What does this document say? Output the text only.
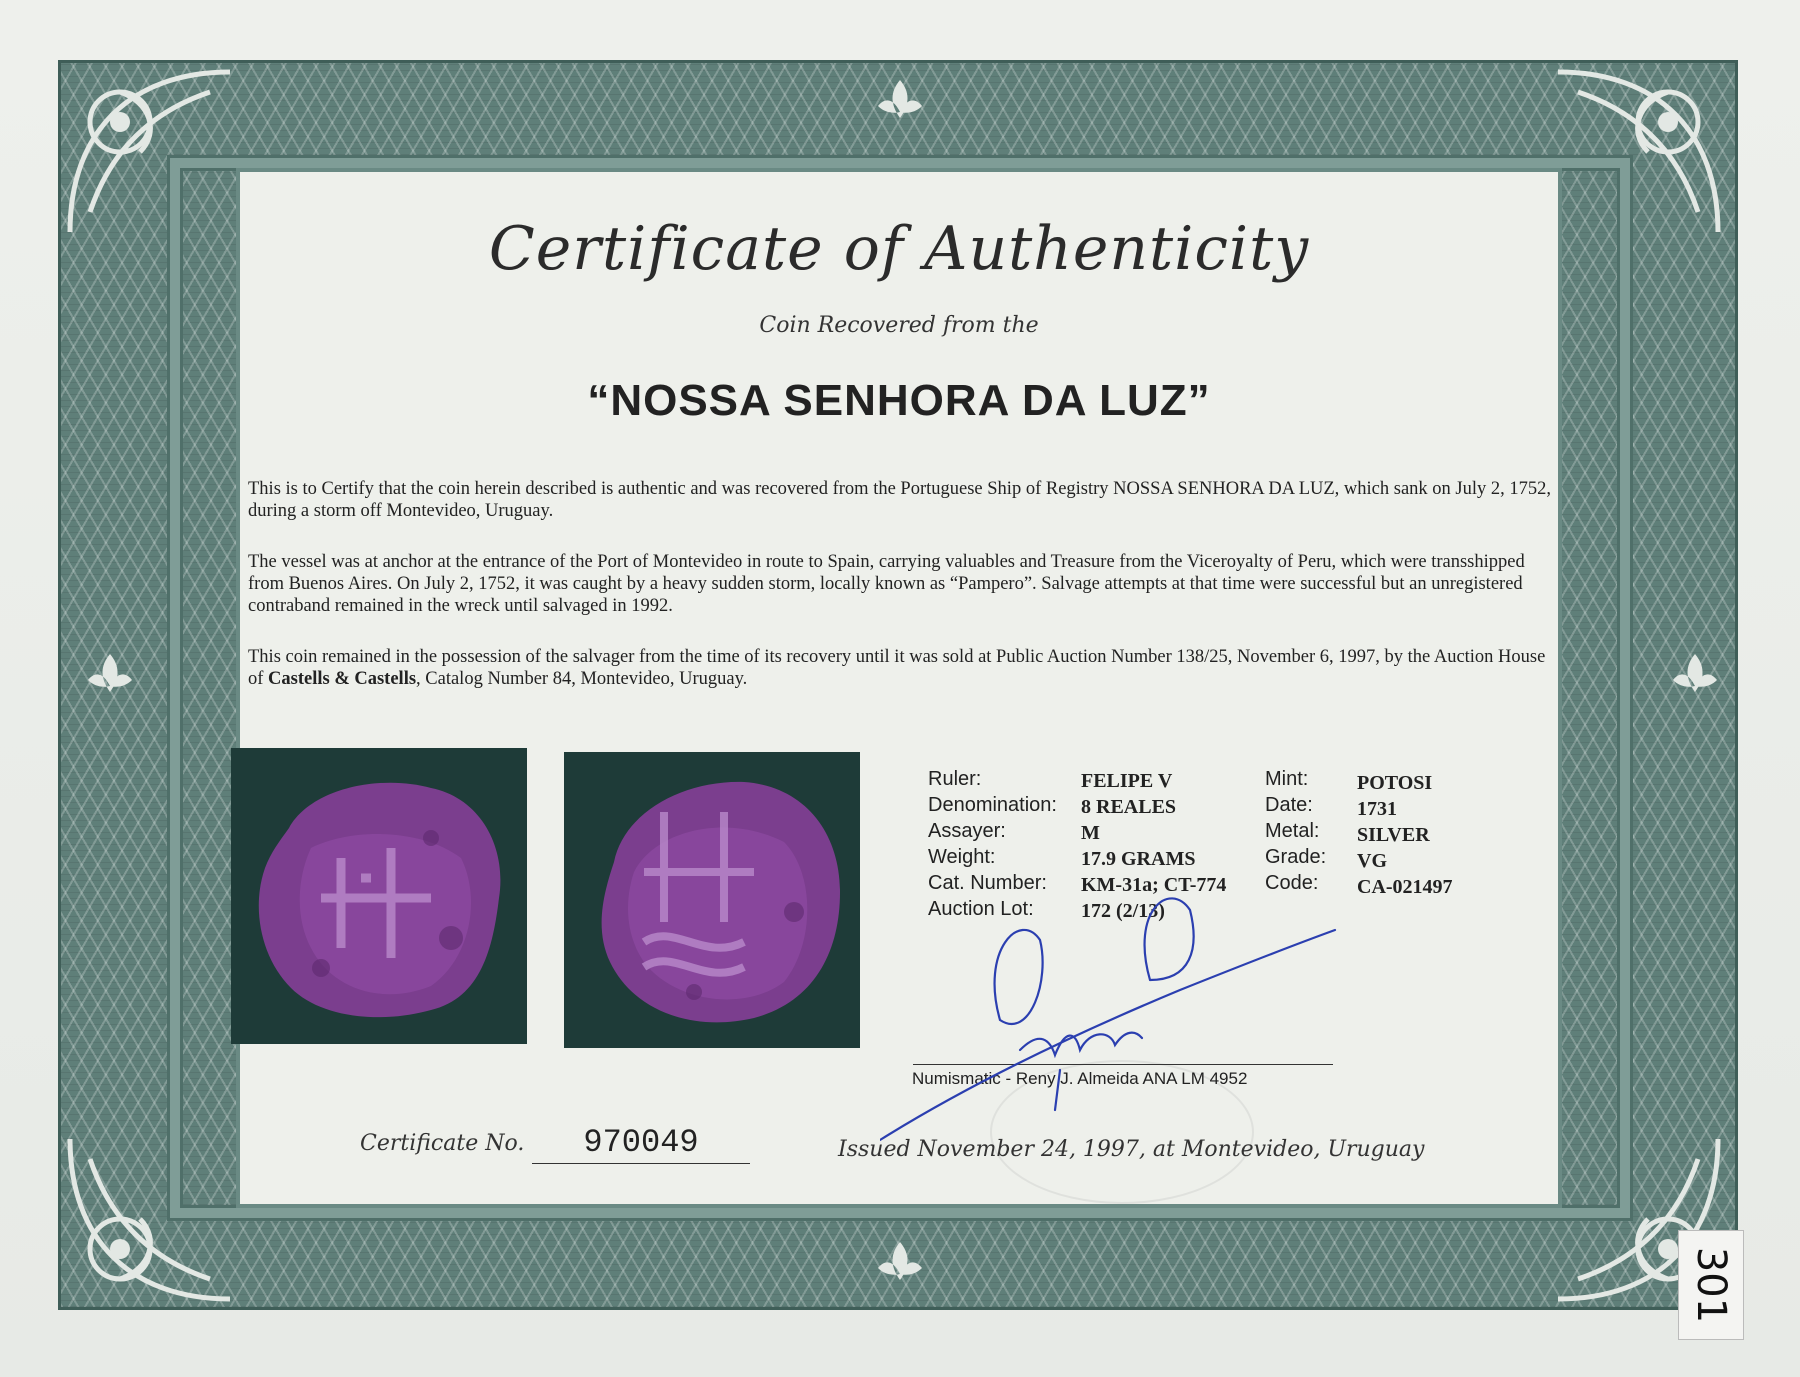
Certificate of Authenticity
Coin Recovered from the
“NOSSA SENHORA DA LUZ”
This is to Certify that the coin herein described is authentic and was recovered from the Portuguese Ship of Registry NOSSA SENHORA DA LUZ, which sank on July 2, 1752, during a storm off Montevideo, Uruguay.
The vessel was at anchor at the entrance of the Port of Montevideo in route to Spain, carrying valuables and Treasure from the Viceroyalty of Peru, which were transshipped from Buenos Aires. On July 2, 1752, it was caught by a heavy sudden storm, locally known as “Pampero”. Salvage attempts at that time were successful but an unregistered contraband remained in the wreck until salvaged in 1992.
This coin remained in the possession of the salvager from the time of its recovery until it was sold at Public Auction Number 138/25, November 6, 1997, by the Auction House of Castells & Castells, Catalog Number 84, Montevideo, Uruguay.
Ruler:
Denomination:
Assayer:
Weight:
Cat. Number:
Auction Lot:
FELIPE V
8 REALES
M
17.9 GRAMS
KM-31a; CT-774
172 (2/13)
Mint:
Date:
Metal:
Grade:
Code:
POTOSI
1731
SILVER
VG
CA-021497
Numismatic - Reny J. Almeida ANA LM 4952
Certificate No.	970049	Issued November 24, 1997, at Montevideo, Uruguay
301
